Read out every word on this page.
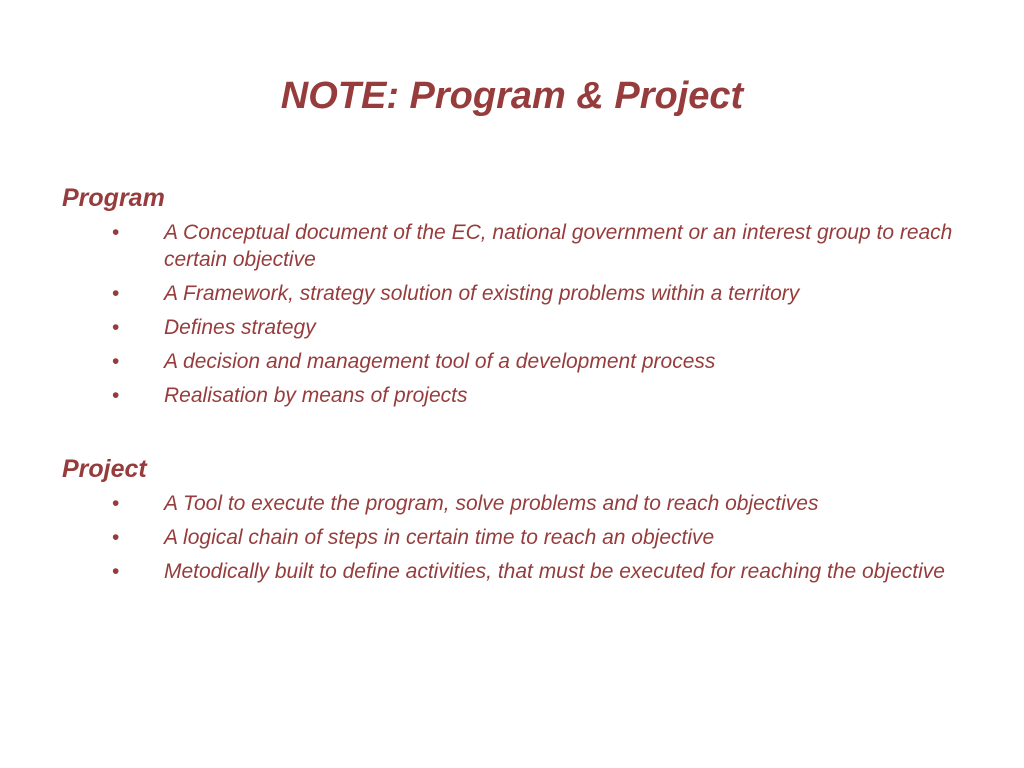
NOTE: Program & Project
Program
• A Conceptual document of the EC, national government or an interest group to reach certain objective
• A Framework, strategy solution of existing problems within a territory
• Defines strategy
• A decision and management tool of a development process
• Realisation by means of projects
Project
• A Tool to execute the program, solve problems and to reach objectives
• A logical chain of steps in certain time to reach an objective
• Metodically built to define activities, that must be executed for reaching the objective
